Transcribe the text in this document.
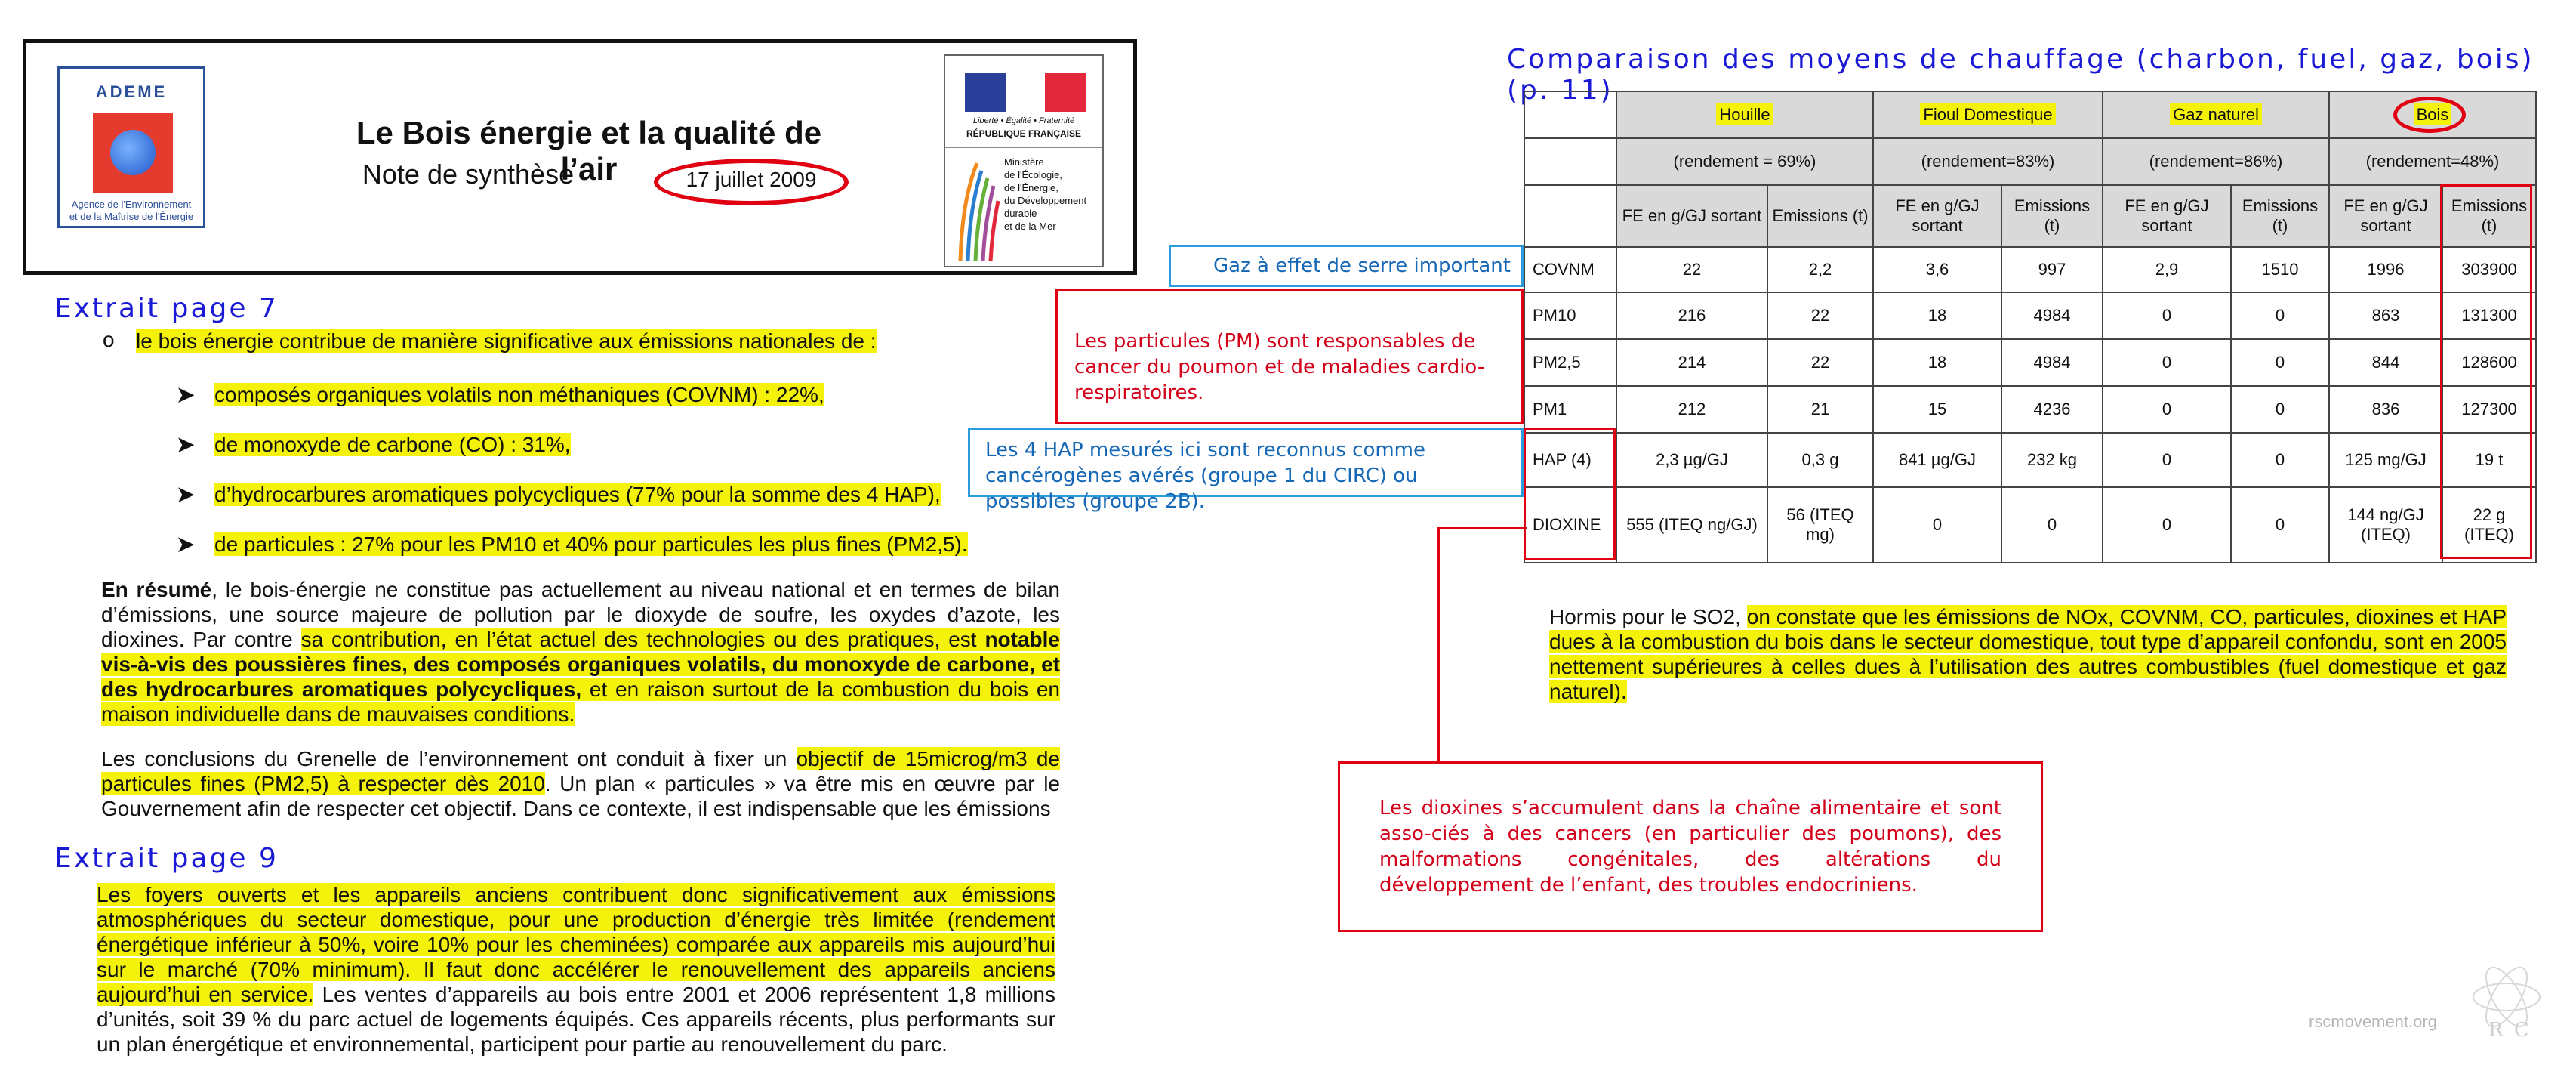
ADEME
Agence de l'Environnement
et de la Maîtrise de l'Énergie
Le Bois énergie et la qualité de l’air
Note de synthèse	17 juillet 2009
Liberté • Égalité • Fraternité
RÉPUBLIQUE FRANÇAISE
Ministère
de l'Écologie,
de l'Énergie,
du Développement
durable
et de la Mer
Extrait page 7
o le bois énergie contribue de manière significative aux émissions nationales de :
➤ composés organiques volatils non méthaniques (COVNM) : 22%,
➤ de monoxyde de carbone (CO) : 31%,
➤ d’hydrocarbures aromatiques polycycliques (77% pour la somme des 4 HAP),
➤ de particules : 27% pour les PM10 et 40% pour particules les plus fines (PM2,5).
En résumé, le bois-énergie ne constitue pas actuellement au niveau national et en termes de bilan d’émissions, une source majeure de pollution par le dioxyde de soufre, les oxydes d’azote, les dioxines. Par contre sa contribution, en l’état actuel des technologies ou des pratiques, est notable vis-à-vis des poussières fines, des composés organiques volatils, du monoxyde de carbone, et des hydrocarbures aromatiques polycycliques, et en raison surtout de la combustion du bois en maison individuelle dans de mauvaises conditions.
Les conclusions du Grenelle de l’environnement ont conduit à fixer un objectif de 15microg/m3 de particules fines (PM2,5) à respecter dès 2010. Un plan « particules » va être mis en œuvre par le Gouvernement afin de respecter cet objectif. Dans ce contexte, il est indispensable que les émissions
Extrait page 9
Les foyers ouverts et les appareils anciens contribuent donc significativement aux émissions atmosphériques du secteur domestique, pour une production d’énergie très limitée (rendement énergétique inférieur à 50%, voire 10% pour les cheminées) comparée aux appareils mis aujourd’hui sur le marché (70% minimum). Il faut donc accélérer le renouvellement des appareils anciens aujourd’hui en service. Les ventes d’appareils au bois entre 2001 et 2006 représentent 1,8 millions d’unités, soit 39 % du parc actuel de logements équipés. Ces appareils récents, plus performants sur un plan énergétique et environnemental, participent pour partie au renouvellement du parc.
Comparaison des moyens de chauffage (charbon, fuel, gaz, bois) (p. 11)
	Houille		Fioul Domestique		Gaz naturel		Bois	
	(rendement = 69%)		(rendement=83%)		(rendement=86%)		(rendement=48%)	
	FE en g/GJ sortant	Emissions (t)	FE en g/GJ sortant	Emissions (t)	FE en g/GJ sortant	Emissions (t)	FE en g/GJ sortant	Emissions (t)
COVNM	22	2,2	3,6	997	2,9	1510	1996	303900
PM10	216	22	18	4984	0	0	863	131300
PM2,5	214	22	18	4984	0	0	844	128600
PM1	212	21	15	4236	0	0	836	127300
HAP (4)	2,3 µg/GJ	0,3 g	841 µg/GJ	232 kg	0	0	125 mg/GJ	19 t
DIOXINE	555 (ITEQ ng/GJ)	56 (ITEQ mg)	0	0	0	0	144 ng/GJ (ITEQ)	22 g (ITEQ)
Gaz à effet de serre important
Les particules (PM) sont responsables de cancer du poumon et de maladies cardio-respiratoires.
Les 4 HAP mesurés ici sont reconnus comme cancérogènes avérés (groupe 1 du CIRC) ou possibles (groupe 2B).
Les dioxines s’accumulent dans la chaîne alimentaire et sont asso-ciés à des cancers (en particulier des poumons), des malformations congénitales, des altérations du développement de l’enfant, des troubles endocriniens.
Hormis pour le SO2, on constate que les émissions de NOx, COVNM, CO, particules, dioxines et HAP dues à la combustion du bois dans le secteur domestique, tout type d’appareil confondu, sont en 2005 nettement supérieures à celles dues à l’utilisation des autres combustibles (fuel domestique et gaz naturel).
rscmovement.org	R C
